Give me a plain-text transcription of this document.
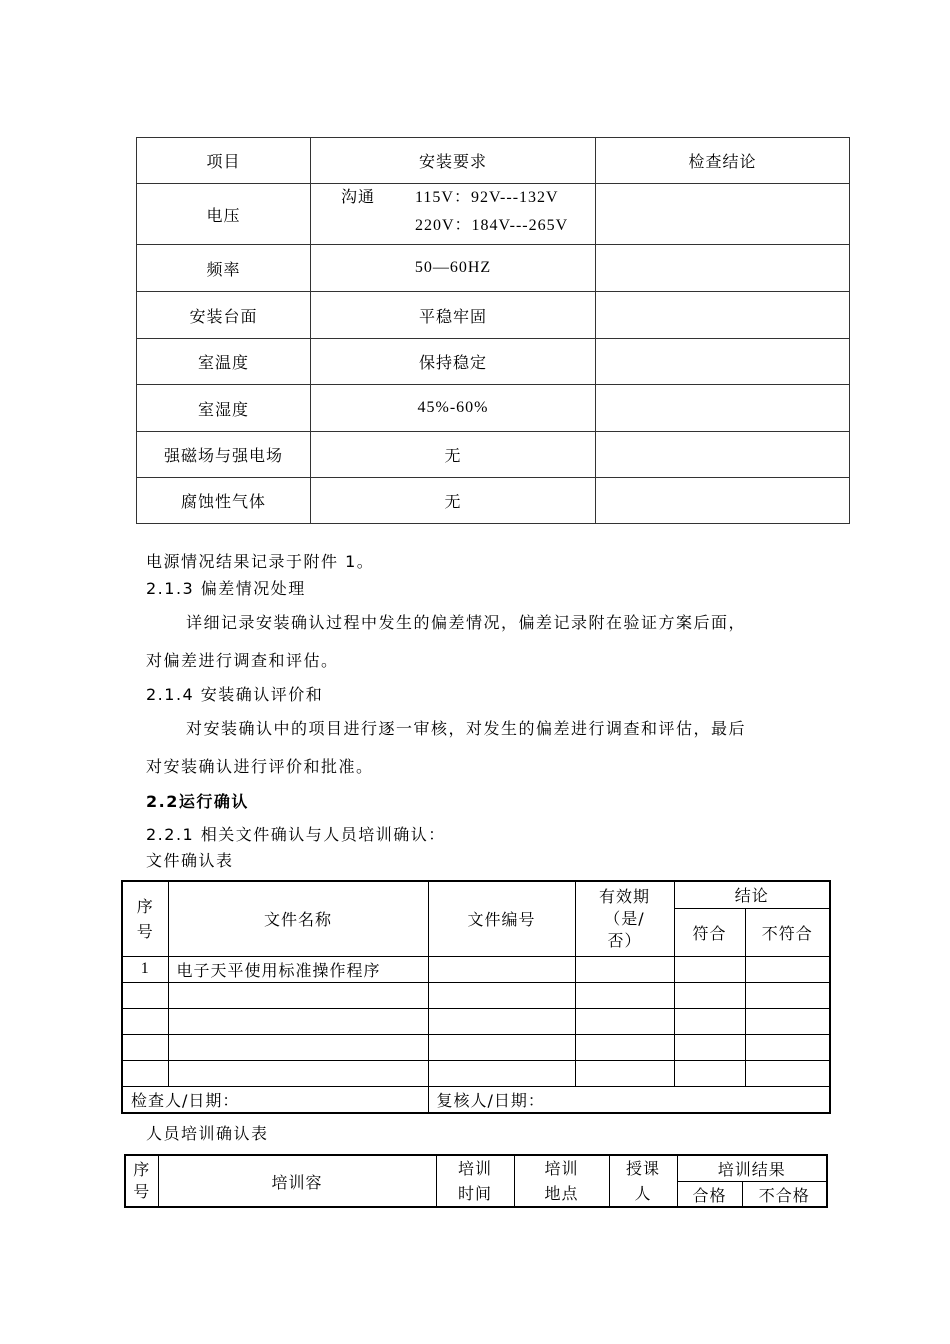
项目	安装要求	检查结论
电压	沟通 115V：92V---132V
220V：184V---265V	

频率	50—60HZ	
安装台面	平稳牢固	
室温度	保持稳定	
室湿度	45%-60%	
强磁场与强电场	无	
腐蚀性气体	无	
电源情况结果记录于附件 1。
2.1.3 偏差情况处理
详细记录安装确认过程中发生的偏差情况，偏差记录附在验证方案后面，
对偏差进行调查和评估。
2.1.4 安装确认评价和
对安装确认中的项目进行逐一审核，对发生的偏差进行调查和评估，最后
对安装确认进行评价和批准。
2.2运行确认
2.2.1 相关文件确认与人员培训确认：
文件确认表
序号	文件名称	文件编号	有效期
（是/
否）	结论	
				符合	不符合
1	电子天平使用标准操作程序				

检查人/日期：		复核人/日期：			
人员培训确认表
序号	培训容	培训时间	培训地点	授课人	培训结果	
					合格	不合格
